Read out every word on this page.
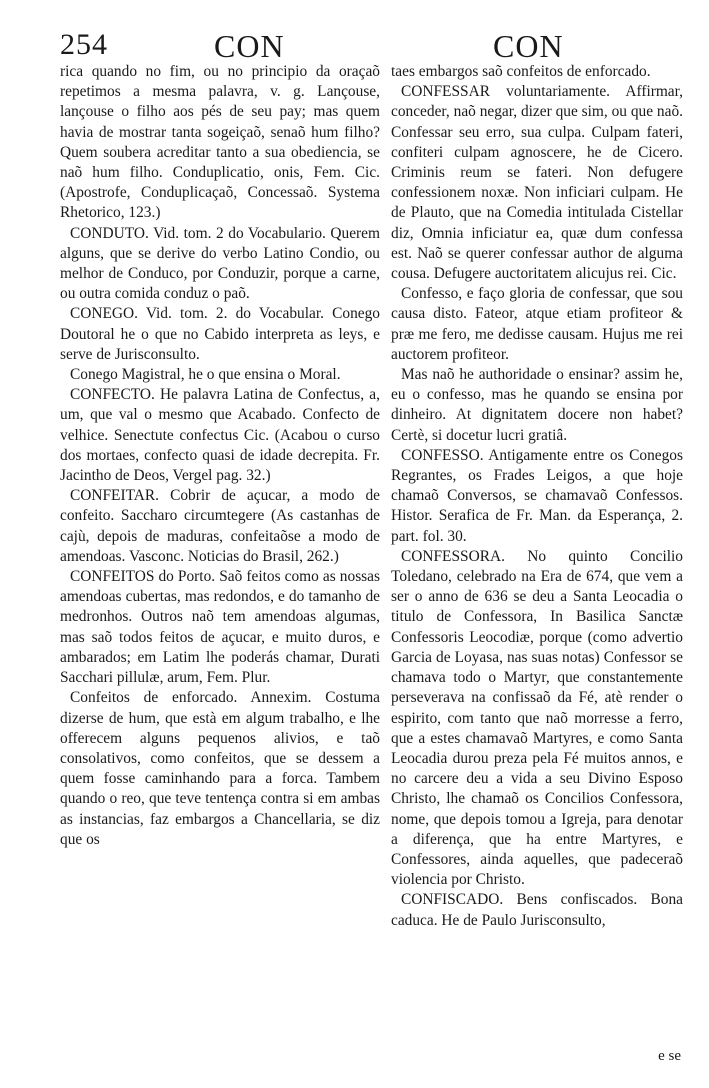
254	CON	CON

rica quando no fim, ou no principio da oraçaõ repetimos a mesma palavra, v. g. Lançouse, lançouse o filho aos pés de seu pay; mas quem havia de mostrar tanta sogeiçaõ, senaõ hum filho? Quem soubera acreditar tanto a sua obediencia, se naõ hum filho. Conduplicatio, onis, Fem. Cic. (Apostrofe, Conduplicaçaõ, Concessaõ. Systema Rhetorico, 123.)

CONDUTO. Vid. tom. 2 do Vocabulario. Querem alguns, que se derive do verbo Latino Condio, ou melhor de Conduco, por Conduzir, porque a carne, ou outra comida conduz o paõ.

CONEGO. Vid. tom. 2. do Vocabular. Conego Doutoral he o que no Cabido interpreta as leys, e serve de Jurisconsulto.

Conego Magistral, he o que ensina o Moral.

CONFECTO. He palavra Latina de Confectus, a, um, que val o mesmo que Acabado. Confecto de velhice. Senectute confectus Cic. (Acabou o curso dos mortaes, confecto quasi de idade decrepita. Fr. Jacintho de Deos, Vergel pag. 32.)

CONFEITAR. Cobrir de açucar, a modo de confeito. Saccharo circumtegere (As castanhas de cajù, depois de maduras, confeitaõse a modo de amendoas. Vasconc. Noticias do Brasil, 262.)

CONFEITOS do Porto. Saõ feitos como as nossas amendoas cubertas, mas redondos, e do tamanho de medronhos. Outros naõ tem amendoas algumas, mas saõ todos feitos de açucar, e muito duros, e ambarados; em Latim lhe poderás chamar, Durati Sacchari pillulæ, arum, Fem. Plur.

Confeitos de enforcado. Annexim. Costuma dizerse de hum, que està em algum trabalho, e lhe offerecem alguns pequenos alivios, e taõ consolativos, como confeitos, que se dessem a quem fosse caminhando para a forca. Tambem quando o reo, que teve tentença contra si em ambas as instancias, faz embargos a Chancellaria, se diz que os

taes embargos saõ confeitos de enforcado.

CONFESSAR voluntariamente. Affirmar, conceder, naõ negar, dizer que sim, ou que naõ. Confessar seu erro, sua culpa. Culpam fateri, confiteri culpam agnoscere, he de Cicero. Criminis reum se fateri. Non defugere confessionem noxæ. Non inficiari culpam. He de Plauto, que na Comedia intitulada Cistellar diz, Omnia inficiatur ea, quæ dum confessa est. Naõ se querer confessar author de alguma cousa. Defugere auctoritatem alicujus rei. Cic.

Confesso, e faço gloria de confessar, que sou causa disto. Fateor, atque etiam profiteor & præ me fero, me dedisse causam. Hujus me rei auctorem profiteor.

Mas naõ he authoridade o ensinar? assim he, eu o confesso, mas he quando se ensina por dinheiro. At dignitatem docere non habet? Certè, si docetur lucri gratiâ.

CONFESSO. Antigamente entre os Conegos Regrantes, os Frades Leigos, a que hoje chamaõ Conversos, se chamavaõ Confessos. Histor. Serafica de Fr. Man. da Esperança, 2. part. fol. 30.

CONFESSORA. No quinto Concilio Toledano, celebrado na Era de 674, que vem a ser o anno de 636 se deu a Santa Leocadia o titulo de Confessora, In Basilica Sanctæ Confessoris Leocodiæ, porque (como advertio Garcia de Loyasa, nas suas notas) Confessor se chamava todo o Martyr, que constantemente perseverava na confissaõ da Fé, atè render o espirito, com tanto que naõ morresse a ferro, que a estes chamavaõ Martyres, e como Santa Leocadia durou preza pela Fé muitos annos, e no carcere deu a vida a seu Divino Esposo Christo, lhe chamaõ os Concilios Confessora, nome, que depois tomou a Igreja, para denotar a diferença, que ha entre Martyres, e Confessores, ainda aquelles, que padeceraõ violencia por Christo.

CONFISCADO. Bens confiscados. Bona caduca. He de Paulo Jurisconsulto,

e se
